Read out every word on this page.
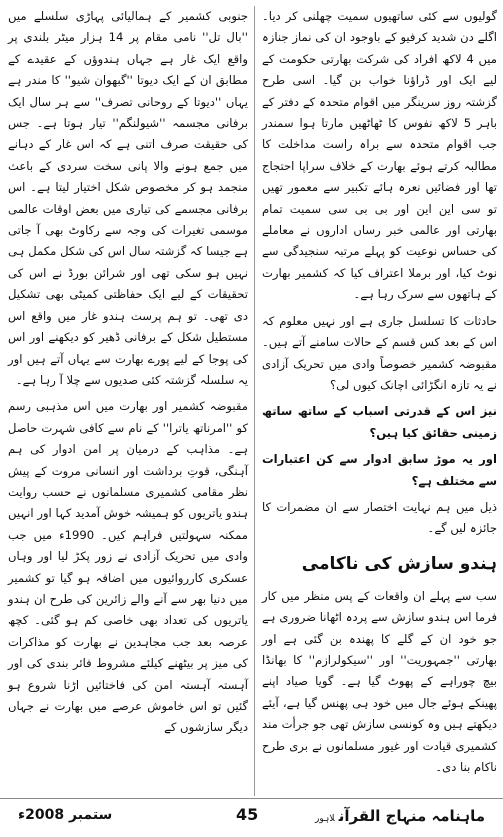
گولیوں سے کئی ساتھیوں سمیت چھلنی کر دیا۔ اگلے دن شدید کرفیو کے باوجود ان کی نماز جنازہ میں 4 لاکھ افراد کی شرکت بھارتی حکومت کے لیے ایک اور ڈراؤنا خواب بن گیا۔ اسی طرح گزشتہ روز سرینگر میں اقوام متحدہ کے دفتر کے باہر 5 لاکھ نفوس کا ٹھاٹھیں مارتا ہوا سمندر جب اقوام متحدہ سے براہ راست مداخلت کا مطالبہ کرتے ہوئے بھارت کے خلاف سراپا احتجاج تھا اور فضائیں نعرہ ہائے تکبیر سے معمور تھیں تو سی این این اور بی بی سی سمیت تمام بھارتی اور عالمی خبر رساں اداروں نے معاملے کی حساس نوعیت کو پہلے مرتبہ سنجیدگی سے نوٹ کیا، اور برملا اعتراف کیا کہ کشمیر بھارت کے ہاتھوں سے سرک رہا ہے۔

حادثات کا تسلسل جاری ہے اور نہیں معلوم کہ اس کے بعد کس قسم کے حالات سامنے آتے ہیں۔ مقبوضہ کشمیر خصوصاً وادی میں تحریک آزادی نے یہ تازہ انگڑائی اچانک کیوں لی؟

نیز اس کے قدرتی اسباب کے ساتھ ساتھ زمینی حقائق کیا ہیں؟

اور یہ موڑ سابق ادوار سے کن اعتبارات سے مختلف ہے؟

ذیل میں ہم نہایت اختصار سے ان مضمرات کا جائزہ لیں گے۔

ہندو سازش کی ناکامی

سب سے پہلے ان واقعات کے پس منظر میں کار فرما اس ہندو سازش سے پردہ اٹھانا ضروری ہے جو خود ان کے گلے کا پھندہ بن گئی ہے اور بھارتی ''جمہوریت'' اور ''سیکولرازم'' کا بھانڈا بیچ چوراہے کے پھوٹ گیا ہے۔ گویا صیاد اپنے پھینکے ہوئے جال میں خود ہی پھنس گیا ہے، آیئے دیکھتے ہیں وہ کونسی سازش تھی جو جرأت مند کشمیری قیادت اور غیور مسلمانوں نے بری طرح ناکام بنا دی۔

جنوبی کشمیر کے ہمالیائی پہاڑی سلسلے میں ''بال تل'' نامی مقام پر 14 ہزار میٹر بلندی پر واقع ایک غار ہے جہاں ہندوؤں کے عقیدے کے مطابق ان کے ایک دیوتا ''گبھوان شیو'' کا مندر ہے یہاں ''دیوتا کے روحانی تصرف'' سے ہر سال ایک برفانی مجسمہ ''شیولنگم'' تیار ہوتا ہے۔ جس کی حقیقت صرف اتنی ہے کہ اس غار کے دہانے میں جمع ہونے والا پانی سخت سردی کے باعث منجمد ہو کر مخصوص شکل اختیار لیتا ہے۔ اس برفانی مجسمے کی تیاری میں بعض اوقات عالمی موسمی تغیرات کی وجہ سے رکاوٹ بھی آ جاتی ہے جیسا کہ گزشتہ سال اس کی شکل مکمل ہی نہیں ہو سکی تھی اور شرائن بورڈ نے اس کی تحقیقات کے لیے ایک حفاظتی کمیٹی بھی تشکیل دی تھی۔ تو ہم پرست ہندو غار میں واقع اس مستطیل شکل کے برفانی ڈھیر کو دیکھنے اور اس کی پوجا کے لیے پورے بھارت سے یہاں آتے ہیں اور یہ سلسلہ گزشتہ کئی صدیوں سے چلا آ رہا ہے۔

مقبوضہ کشمیر اور بھارت میں اس مذہبی رسم کو ''امرناتھ یاترا'' کے نام سے کافی شہرت حاصل ہے۔ مذاہب کے درمیان پر امن ادوار کی ہم آہنگی، قوتِ برداشت اور انسانی مروت کے پیش نظر مقامی کشمیری مسلمانوں نے حسب روایت ہندو یاتریوں کو ہمیشہ خوش آمدید کہا اور انہیں ممکنہ سہولتیں فراہم کیں۔ 1990ء میں جب وادی میں تحریک آزادی نے زور پکڑ لیا اور وہاں عسکری کارروائیوں میں اضافہ ہو گیا تو کشمیر میں دنیا بھر سے آنے والے زائرین کی طرح ان ہندو یاتریوں کی تعداد بھی خاصی کم ہو گئی۔ کچھ عرصہ بعد جب مجاہدین نے بھارت کو مذاکرات کی میز پر بیٹھنے کیلئے مشروط فائر بندی کی اور آہستہ آہستہ امن کی فاختائیں اڑنا شروع ہو گئیں تو اس خاموش عرصے میں بھارت نے جہاں دیگر سازشوں کے

ماہنامہ منہاج القرآنلاہور
45
ستمبر 2008ء
